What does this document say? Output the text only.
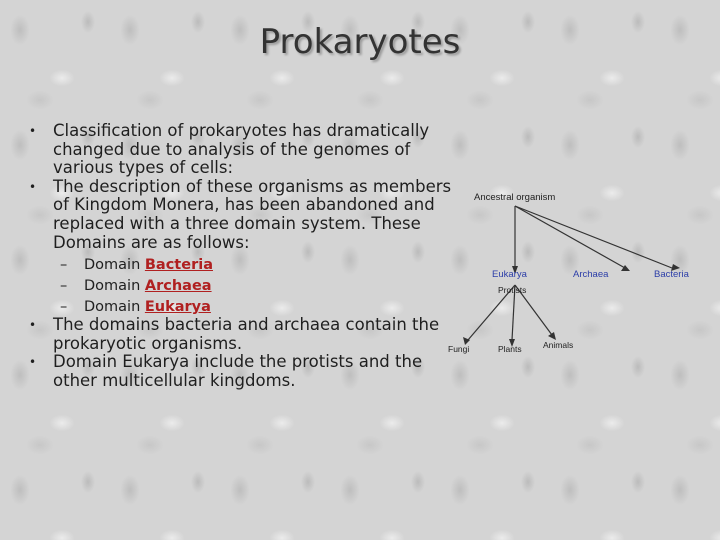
Prokaryotes
• Classification of prokaryotes has dramatically changed due to analysis of the genomes of various types of cells:
• The description of these organisms as members of Kingdom Monera, has been abandoned and replaced with a three domain system. These Domains are as follows:
– Domain Bacteria
– Domain Archaea
– Domain Eukarya
• The domains bacteria and archaea contain the prokaryotic organisms.
• Domain Eukarya include the protists and the other multicellular kingdoms.
Ancestral organism
Eukarya	Archaea	Bacteria
Protists
Fungi	Plants	Animals
